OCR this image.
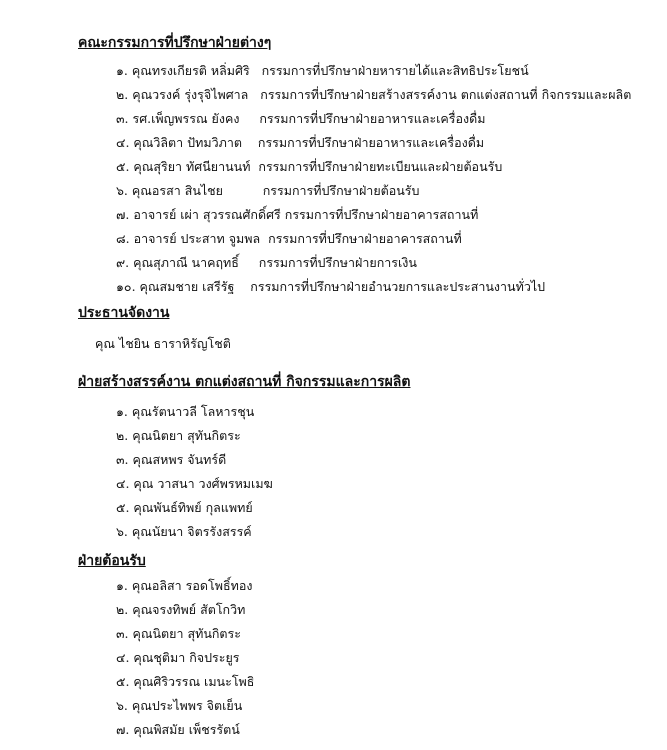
คณะกรรมการที่ปรึกษาฝ่ายต่างๆ
๑. คุณทรงเกียรติ หลิ่มศิริ กรรมการที่ปรึกษาฝ่ายหารายได้และสิทธิประโยชน์
๒. คุณวรงค์ รุ่งรุจิไพศาล กรรมการที่ปรึกษาฝ่ายสร้างสรรค์งาน ตกแต่งสถานที่ กิจกรรมและผลิต
๓. รศ.เพ็ญพรรณ ยังคง กรรมการที่ปรึกษาฝ่ายอาหารและเครื่องดื่ม
๔. คุณวิลิตา ปัทมวิภาต กรรมการที่ปรึกษาฝ่ายอาหารและเครื่องดื่ม
๕. คุณสุริยา ทัศนียานนท์ กรรมการที่ปรึกษาฝ่ายทะเบียนและฝ่ายต้อนรับ
๖. คุณอรสา สินไชย	กรรมการที่ปรึกษาฝ่ายต้อนรับ
๗. อาจารย์ เผ่า สุวรรณศักดิ์ศรี กรรมการที่ปรึกษาฝ่ายอาคารสถานที่
๘. อาจารย์ ประสาท จูมพล กรรมการที่ปรึกษาฝ่ายอาคารสถานที่
๙. คุณสุภาณี นาคฤทธิ์ กรรมการที่ปรึกษาฝ่ายการเงิน
๑๐. คุณสมชาย เสรีรัฐ กรรมการที่ปรึกษาฝ่ายอำนวยการและประสานงานทั่วไป
ประธานจัดงาน
คุณ ไชยิน ธาราหิรัญโชติ
ฝ่ายสร้างสรรค์งาน ตกแต่งสถานที่ กิจกรรมและการผลิต
๑. คุณรัตนาวลี โลหารชุน
๒. คุณนิตยา สุทันกิตระ
๓. คุณสหพร จันทร์ดี
๔. คุณ วาสนา วงศ์พรหมเมฆ
๕. คุณพันธ์ทิพย์ กุลแพทย์
๖. คุณนัยนา จิตรรังสรรค์
ฝ่ายต้อนรับ
๑. คุณอลิสา รอดโพธิ์ทอง
๒. คุณจรงทิพย์ สัตโกวิท
๓. คุณนิตยา สุทันกิตระ
๔. คุณชุติมา กิจประยูร
๕. คุณศิริวรรณ เมนะโพธิ
๖. คุณประไพพร จิตเย็น
๗. คุณพิสมัย เพ็ชรรัตน์
